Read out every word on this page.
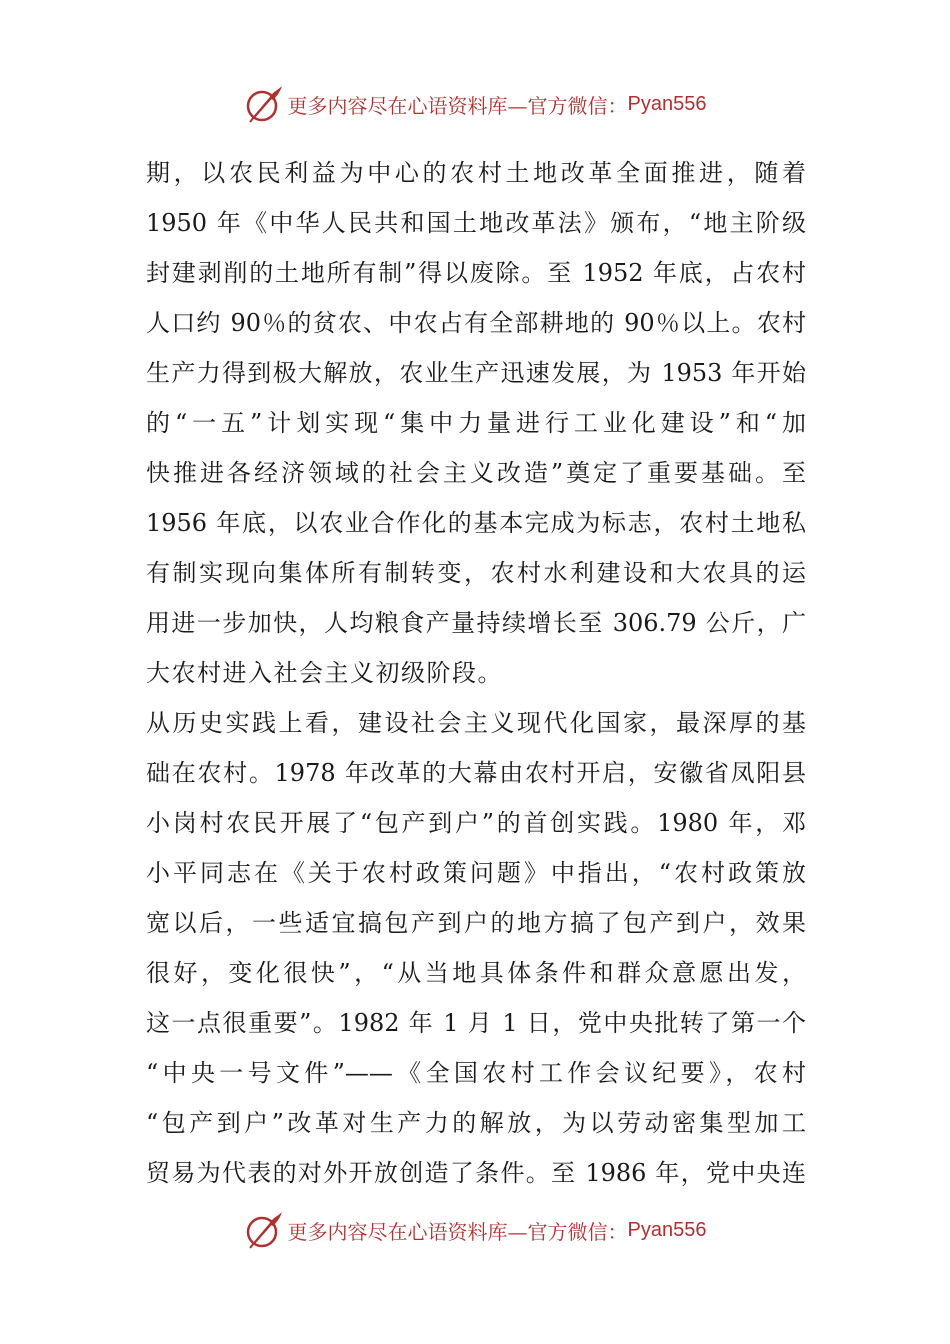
更多内容尽在心语资料库—官方微信： Pyan556
期，以农民利益为中心的农村土地改革全面推进，随着
1950 年《中华人民共和国土地改革法》颁布，“地主阶级
封建剥削的土地所有制”得以废除。至 1952 年底，占农村
人口约 90％的贫农、中农占有全部耕地的 90％以上。农村
生产力得到极大解放，农业生产迅速发展，为 1953 年开始
的“一五”计划实现“集中力量进行工业化建设”和“加
快推进各经济领域的社会主义改造”奠定了重要基础。至
1956 年底，以农业合作化的基本完成为标志，农村土地私
有制实现向集体所有制转变，农村水利建设和大农具的运
用进一步加快，人均粮食产量持续增长至 306.79 公斤，广
大农村进入社会主义初级阶段。
从历史实践上看，建设社会主义现代化国家，最深厚的基
础在农村。1978 年改革的大幕由农村开启，安徽省凤阳县
小岗村农民开展了“包产到户”的首创实践。1980 年，邓
小平同志在《关于农村政策问题》中指出，“农村政策放
宽以后，一些适宜搞包产到户的地方搞了包产到户，效果
很好，变化很快”，“从当地具体条件和群众意愿出发，
这一点很重要”。1982 年 1 月 1 日，党中央批转了第一个
“中央一号文件”——《全国农村工作会议纪要》，农村
“包产到户”改革对生产力的解放，为以劳动密集型加工
贸易为代表的对外开放创造了条件。至 1986 年，党中央连
更多内容尽在心语资料库—官方微信： Pyan556
